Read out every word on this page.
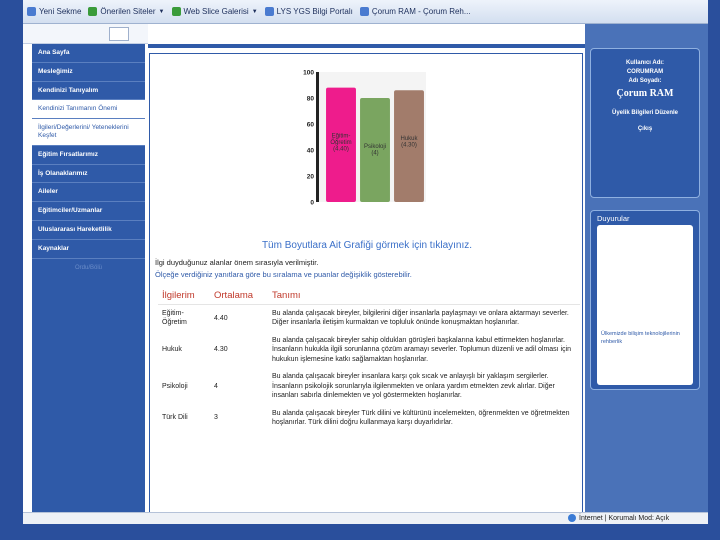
Yeni Sekme Önerilen Siteler ▼ Web Slice Galerisi ▼ LYS YGS Bilgi Portalı Çorum RAM - Çorum Reh...
Ana Sayfa
Mesleğimiz
Kendinizi Tanıyalım
Kendinizi Tanımanın Önemi
İlgileri/Değerlerini/ Yeteneklerini Keşfet
Eğitim Fırsatlarımız
İş Olanaklarımız
Aileler
Eğitimciler/Uzmanlar
Uluslararası Hareketlilik
Kaynaklar
Ordu/Bölü
0
20
40
60
80
100
Eğitim-Öğretim (4.40)	Psikoloji (4)
Hukuk (4.30)
Tüm Boyutlara Ait Grafiği görmek için tıklayınız.
İlgi duyduğunuz alanlar önem sırasıyla verilmiştir.
Ölçeğe verdiğiniz yanıtlara göre bu sıralama ve puanlar değişiklik gösterebilir.
İlgilerim	Ortalama	Tanımı
Eğitim-Öğretim	4.40	Bu alanda çalışacak bireyler, bilgilerini diğer insanlarla paylaşmayı ve onlara aktarmayı severler. Diğer insanlarla iletişim kurmaktan ve topluluk önünde konuşmaktan hoşlanırlar.
Hukuk	4.30	Bu alanda çalışacak bireyler sahip oldukları görüşleri başkalarına kabul ettirmekten hoşlanırlar. İnsanların hukukla ilgili sorunlarına çözüm aramayı severler. Toplumun düzenli ve adil olması için hukukun işlemesine katkı sağlamaktan hoşlanırlar.
Psikoloji	4	Bu alanda çalışacak bireyler insanlara karşı çok sıcak ve anlayışlı bir yaklaşım sergilerler. İnsanların psikolojik sorunlarıyla ilgilenmekten ve onlara yardım etmekten zevk alırlar. Diğer insanları sabırla dinlemekten ve yol göstermekten hoşlanırlar.
Türk Dili	3	Bu alanda çalışacak bireyler Türk dilini ve kültürünü incelemekten, öğrenmekten ve öğretmekten hoşlanırlar. Türk dilini doğru kullanmaya karşı duyarlıdırlar.
Kullanıcı Adı:
CORUMRAM
Adı Soyadı:
Çorum RAM
Üyelik Bilgileri Düzenle
Çıkış
Duyurular
Ülkemizde bilişim teknolojilerinin rehberlik
İnternet | Korumalı Mod: Açık
